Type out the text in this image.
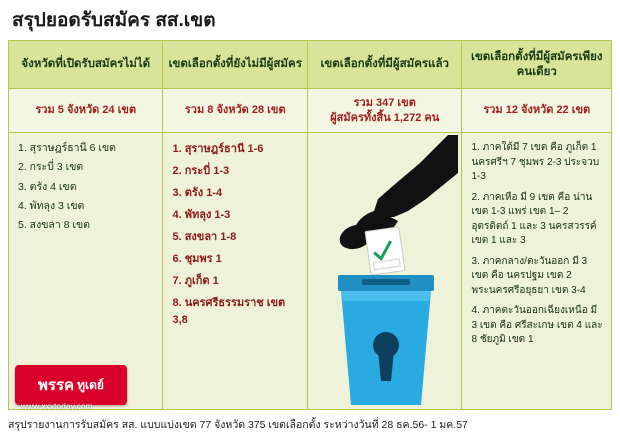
สรุปยอดรับสมัคร สส.เขต
จังหวัดที่เปิดรับสมัครไม่ได้
รวม 5 จังหวัด 24 เขต
1. สุราษฎร์ธานี 6 เขต
2. กระบี่ 3 เขต
3. ตรัง 4 เขต
4. พัทลุง 3 เขต
5. สงขลา 8 เขต
เขตเลือกตั้งที่ยังไม่มีผู้สมัคร
รวม 8 จังหวัด 28 เขต
1. สุราษฎร์ธานี 1-6
2. กระบี่ 1-3
3. ตรัง 1-4
4. พัทลุง 1-3
5. สงขลา 1-8
6. ชุมพร 1
7. ภูเก็ต 1
8. นครศรีธรรมราช เขต 3,8
เขตเลือกตั้งที่มีผู้สมัครแล้ว
รวม 347 เขต
ผู้สมัครทั้งสิ้น 1,272 คน
เขตเลือกตั้งที่มีผู้สมัครเพียงคนเดียว
รวม 12 จังหวัด 22 เขต
1. ภาคใต้มี 7 เขต คือ ภูเก็ต 1 นครศรีฯ 7 ชุมพร 2-3 ประจวบ 1-3
2. ภาคเหือ มี 9 เขต คือ น่าน เขต 1-3 แพร่ เขต 1– 2 อุตรดิตถ์ 1 และ 3 นครสวรรค์ เขต 1 และ 3
3. ภาคกลาง/ตะวันออก มี 3 เขต คือ นครปฐม เขต 2 พระนครศรีอยุธยา เขต 3-4
4. ภาคตะวันออกเฉียงเหนือ มี 3 เขต คือ ศรีสะเกษ เขต 4 และ 8 ชัยภูมิ เขต 1
พรรค ทูเดย์
www.xxxtoday.com
สรุปรายงานการรับสมัคร สส. แบบแบ่งเขต 77 จังหวัด 375 เขตเลือกตั้ง ระหว่างวันที่ 28 ธค.56- 1 มค.57
